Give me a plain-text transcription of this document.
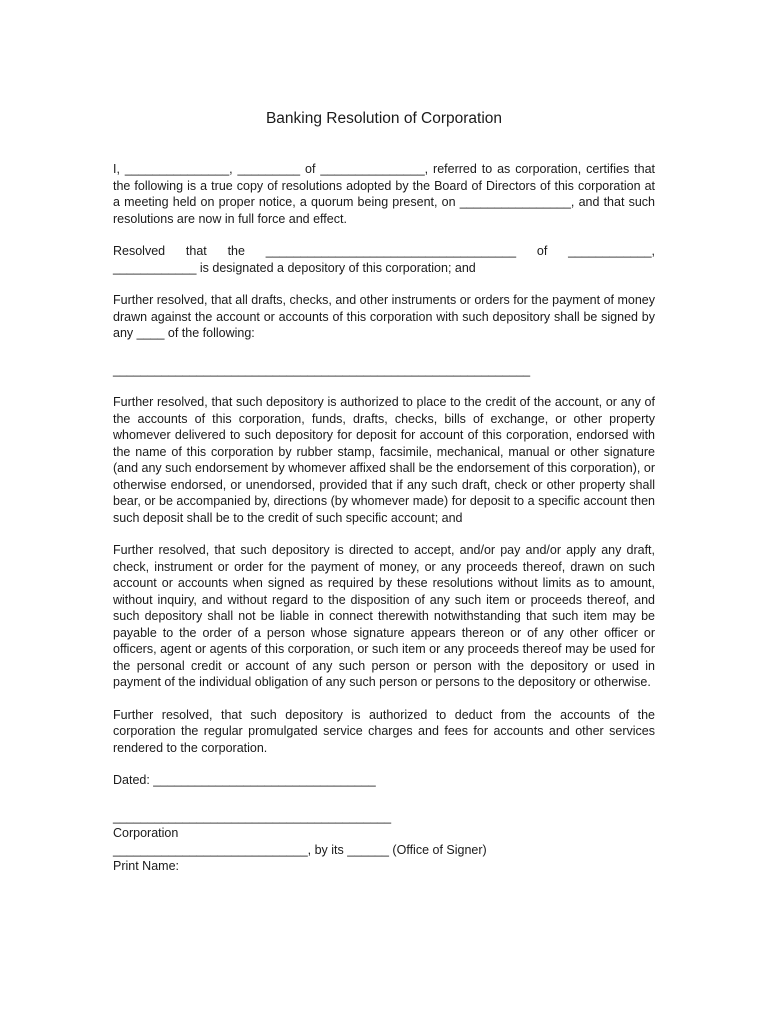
Banking Resolution of Corporation

I, _______________, _________ of _______________, referred to as corporation, certifies that the following is a true copy of resolutions adopted by the Board of Directors of this corporation at a meeting held on proper notice, a quorum being present, on ________________, and that such resolutions are now in full force and effect.

Resolved that the ____________________________________ of ____________, ____________ is designated a depository of this corporation; and

Further resolved, that all drafts, checks, and other instruments or orders for the payment of money drawn against the account or accounts of this corporation with such depository shall be signed by any ____ of the following:

____________________________________________________________

Further resolved, that such depository is authorized to place to the credit of the account, or any of the accounts of this corporation, funds, drafts, checks, bills of exchange, or other property whomever delivered to such depository for deposit for account of this corporation, endorsed with the name of this corporation by rubber stamp, facsimile, mechanical, manual or other signature (and any such endorsement by whomever affixed shall be the endorsement of this corporation), or otherwise endorsed, or unendorsed, provided that if any such draft, check or other property shall bear, or be accompanied by, directions (by whomever made) for deposit to a specific account then such deposit shall be to the credit of such specific account; and

Further resolved, that such depository is directed to accept, and/or pay and/or apply any draft, check, instrument or order for the payment of money, or any proceeds thereof, drawn on such account or accounts when signed as required by these resolutions without limits as to amount, without inquiry, and without regard to the disposition of any such item or proceeds thereof, and such depository shall not be liable in connect therewith notwithstanding that such item may be payable to the order of a person whose signature appears thereon or of any other officer or officers, agent or agents of this corporation, or such item or any proceeds thereof may be used for the personal credit or account of any such person or person with the depository or used in payment of the individual obligation of any such person or persons to the depository or otherwise.

Further resolved, that such depository is authorized to deduct from the accounts of the corporation the regular promulgated service charges and fees for accounts and other services rendered to the corporation.

Dated: ________________________________

________________________________________

Corporation

____________________________, by its ______ (Office of Signer)

Print Name:
